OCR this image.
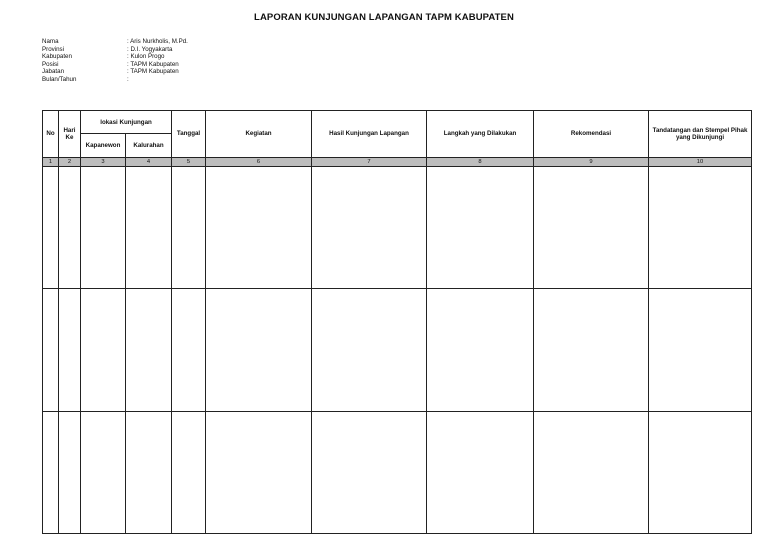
LAPORAN KUNJUNGAN LAPANGAN TAPM KABUPATEN
Nama	: Aris Nurkholis, M.Pd.
Provinsi	: D.I. Yogyakarta
Kabupaten	: Kulon Progo
Posisi	: TAPM Kabupaten
Jabatan	: TAPM Kabupaten
Bulan/Tahun	:
No	Hari Ke	lokasi Kunjungan		Tanggal	Kegiatan	Hasil Kunjungan Lapangan	Langkah yang Dilakukan	Rekomendasi	Tandatangan dan Stempel Pihak yang Dikunjungi
		Kapanewon	Kalurahan						
1	2	3	4	5	6	7	8	9	10
